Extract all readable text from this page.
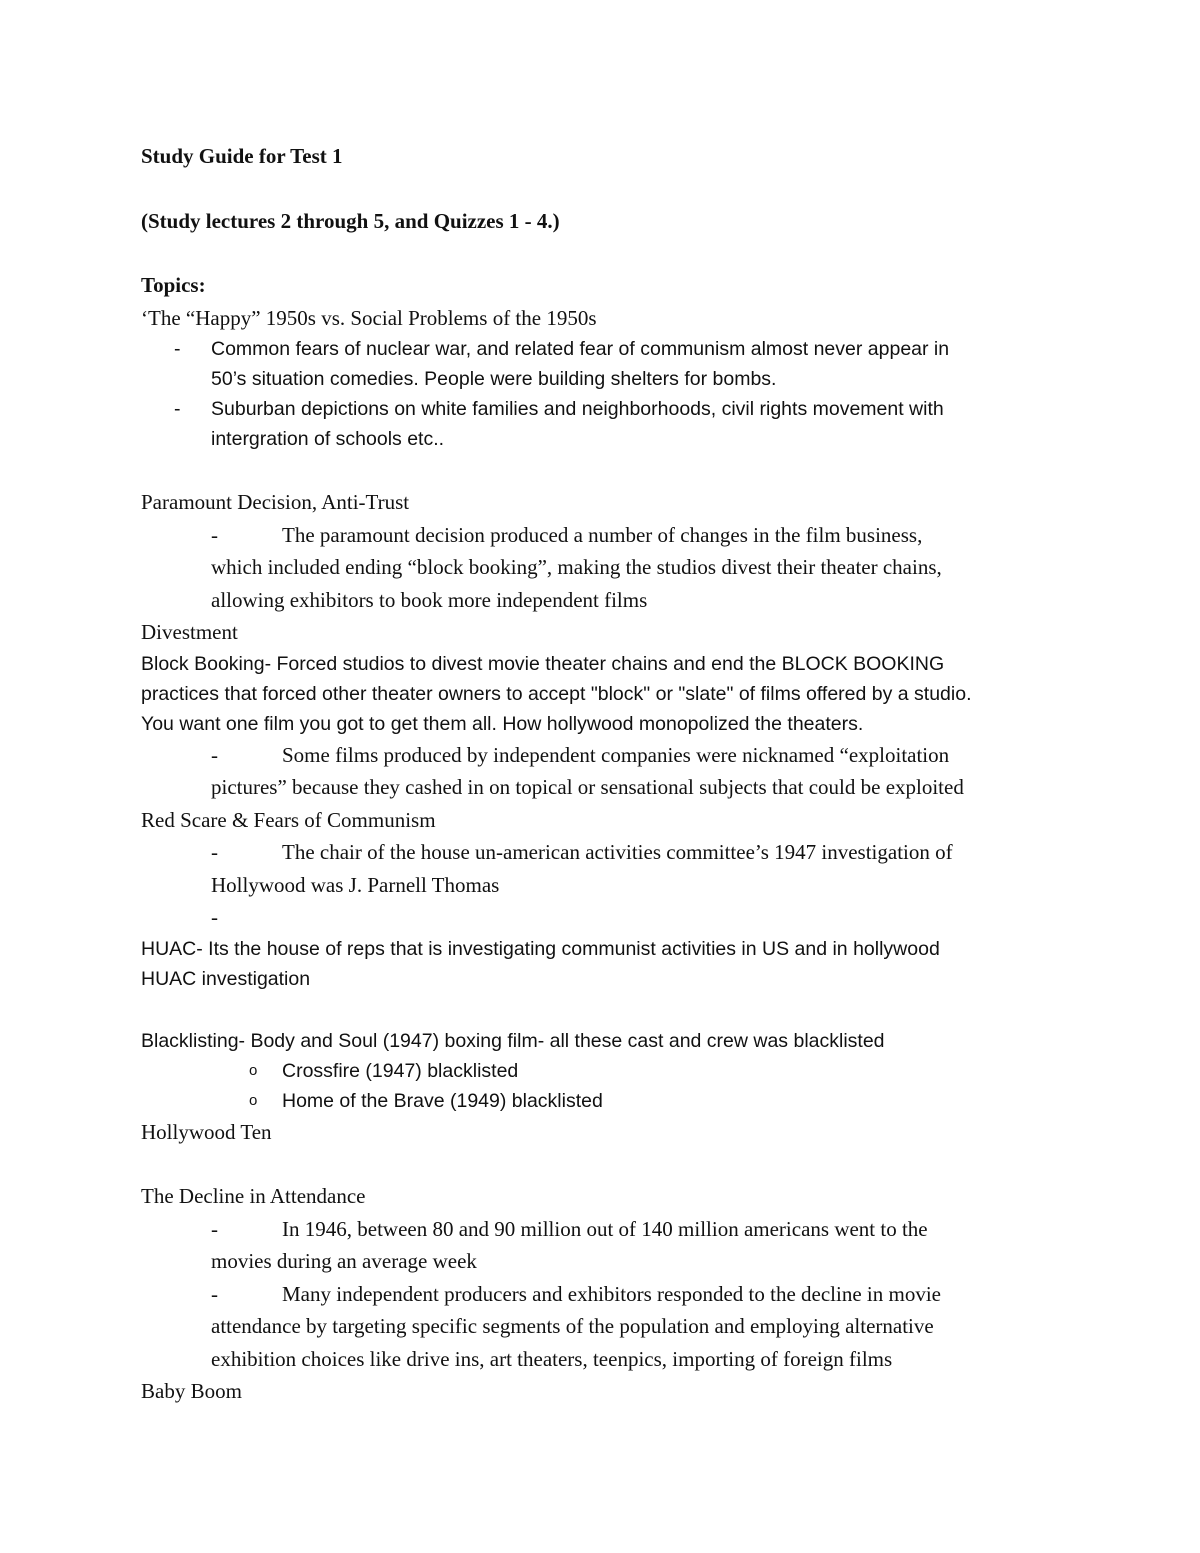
Study Guide for Test 1
(Study lectures 2 through 5, and Quizzes 1 - 4.)
Topics:
‘The “Happy” 1950s vs. Social Problems of the 1950s
-	Common fears of nuclear war, and related fear of communism almost never appear in
50’s situation comedies. People were building shelters for bombs.
-	Suburban depictions on white families and neighborhoods, civil rights movement with
intergration of schools etc..
Paramount Decision, Anti-Trust
-	The paramount decision produced a number of changes in the film business,
which included ending “block booking”, making the studios divest their theater chains,
allowing exhibitors to book more independent films
Divestment
Block Booking- Forced studios to divest movie theater chains and end the BLOCK BOOKING
practices that forced other theater owners to accept "block" or "slate" of films offered by a studio.
You want one film you got to get them all. How hollywood monopolized the theaters.
-	Some films produced by independent companies were nicknamed “exploitation
pictures” because they cashed in on topical or sensational subjects that could be exploited
Red Scare & Fears of Communism
-	The chair of the house un-american activities committee’s 1947 investigation of
Hollywood was J. Parnell Thomas
-
HUAC- Its the house of reps that is investigating communist activities in US and in hollywood
HUAC investigation
Blacklisting- Body and Soul (1947) boxing film- all these cast and crew was blacklisted
o	Crossfire (1947) blacklisted
o	Home of the Brave (1949) blacklisted
Hollywood Ten
The Decline in Attendance
-	In 1946, between 80 and 90 million out of 140 million americans went to the
movies during an average week
-	Many independent producers and exhibitors responded to the decline in movie
attendance by targeting specific segments of the population and employing alternative
exhibition choices like drive ins, art theaters, teenpics, importing of foreign films
Baby Boom
